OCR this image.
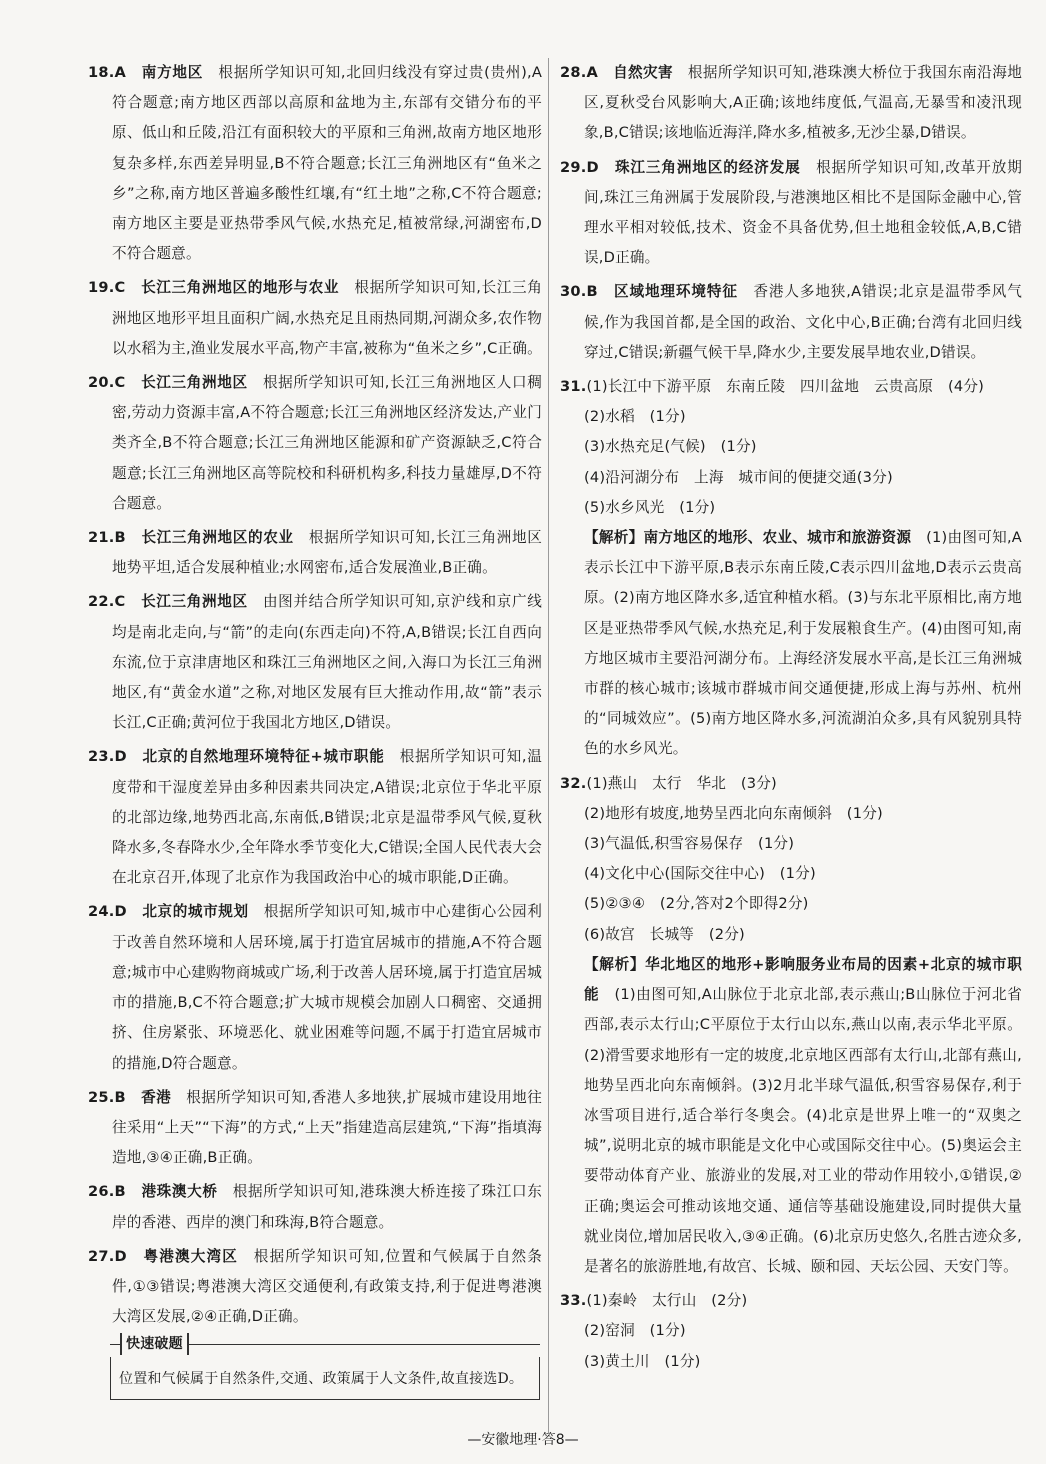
18.A　 南方地区　 根据所学知识可知,北回归线没有穿过贵(贵州),A符合题意;南方地区西部以高原和盆地为主,东部有交错分布的平原、低山和丘陵,沿江有面积较大的平原和三角洲,故南方地区地形复杂多样,东西差异明显,B不符合题意;长江三角洲地区有“鱼米之乡”之称,南方地区普遍多酸性红壤,有“红土地”之称,C不符合题意;南方地区主要是亚热带季风气候,水热充足,植被常绿,河湖密布,D不符合题意。
19.C　 长江三角洲地区的地形与农业　 根据所学知识可知,长江三角洲地区地形平坦且面积广阔,水热充足且雨热同期,河湖众多,农作物以水稻为主,渔业发展水平高,物产丰富,被称为“鱼米之乡”,C正确。
20.C　 长江三角洲地区　 根据所学知识可知,长江三角洲地区人口稠密,劳动力资源丰富,A不符合题意;长江三角洲地区经济发达,产业门类齐全,B不符合题意;长江三角洲地区能源和矿产资源缺乏,C符合题意;长江三角洲地区高等院校和科研机构多,科技力量雄厚,D不符合题意。
21.B　 长江三角洲地区的农业　 根据所学知识可知,长江三角洲地区地势平坦,适合发展种植业;水网密布,适合发展渔业,B正确。
22.C　 长江三角洲地区　 由图并结合所学知识可知,京沪线和京广线均是南北走向,与“箭”的走向(东西走向)不符,A,B错误;长江自西向东流,位于京津唐地区和珠江三角洲地区之间,入海口为长江三角洲地区,有“黄金水道”之称,对地区发展有巨大推动作用,故“箭”表示长江,C正确;黄河位于我国北方地区,D错误。
23.D　 北京的自然地理环境特征+城市职能　 根据所学知识可知,温度带和干湿度差异由多种因素共同决定,A错误;北京位于华北平原的北部边缘,地势西北高,东南低,B错误;北京是温带季风气候,夏秋降水多,冬春降水少,全年降水季节变化大,C错误;全国人民代表大会在北京召开,体现了北京作为我国政治中心的城市职能,D正确。
24.D　 北京的城市规划　 根据所学知识可知,城市中心建街心公园利于改善自然环境和人居环境,属于打造宜居城市的措施,A不符合题意;城市中心建购物商城或广场,利于改善人居环境,属于打造宜居城市的措施,B,C不符合题意;扩大城市规模会加剧人口稠密、交通拥挤、住房紧张、环境恶化、就业困难等问题,不属于打造宜居城市的措施,D符合题意。
25.B　 香港　 根据所学知识可知,香港人多地狭,扩展城市建设用地往往采用“上天”“下海”的方式,“上天”指建造高层建筑,“下海”指填海造地,③④正确,B正确。
26.B　 港珠澳大桥　 根据所学知识可知,港珠澳大桥连接了珠江口东岸的香港、西岸的澳门和珠海,B符合题意。
27.D　 粤港澳大湾区　 根据所学知识可知,位置和气候属于自然条件,①③错误;粤港澳大湾区交通便利,有政策支持,利于促进粤港澳大湾区发展,②④正确,D正确。
快速破题
位置和气候属于自然条件,交通、政策属于人文条件,故直接选D。
28.A　 自然灾害　 根据所学知识可知,港珠澳大桥位于我国东南沿海地区,夏秋受台风影响大,A正确;该地纬度低,气温高,无暴雪和凌汛现象,B,C错误;该地临近海洋,降水多,植被多,无沙尘暴,D错误。
29.D　 珠江三角洲地区的经济发展　 根据所学知识可知,改革开放期间,珠江三角洲属于发展阶段,与港澳地区相比不是国际金融中心,管理水平相对较低,技术、资金不具备优势,但土地租金较低,A,B,C错误,D正确。
30.B　 区域地理环境特征　 香港人多地狭,A错误;北京是温带季风气候,作为我国首都,是全国的政治、文化中心,B正确;台湾有北回归线穿过,C错误;新疆气候干旱,降水少,主要发展旱地农业,D错误。
31.(1)长江中下游平原　东南丘陵　四川盆地　云贵高原　(4分)
(2)水稻　(1分)
(3)水热充足(气候)　(1分)
(4)沿河湖分布　上海　城市间的便捷交通(3分)
(5)水乡风光　(1分)
【解析】南方地区的地形、农业、城市和旅游资源　 (1)由图可知,A表示长江中下游平原,B表示东南丘陵,C表示四川盆地,D表示云贵高原。(2)南方地区降水多,适宜种植水稻。(3)与东北平原相比,南方地区是亚热带季风气候,水热充足,利于发展粮食生产。(4)由图可知,南方地区城市主要沿河湖分布。上海经济发展水平高,是长江三角洲城市群的核心城市;该城市群城市间交通便捷,形成上海与苏州、杭州的“同城效应”。(5)南方地区降水多,河流湖泊众多,具有风貌别具特色的水乡风光。
32.(1)燕山　太行　华北　(3分)
(2)地形有坡度,地势呈西北向东南倾斜　(1分)
(3)气温低,积雪容易保存　(1分)
(4)文化中心(国际交往中心)　(1分)
(5)②③④　(2分,答对2个即得2分)
(6)故宫　长城等　(2分)
【解析】华北地区的地形+影响服务业布局的因素+北京的城市职能　 (1)由图可知,A山脉位于北京北部,表示燕山;B山脉位于河北省西部,表示太行山;C平原位于太行山以东,燕山以南,表示华北平原。(2)滑雪要求地形有一定的坡度,北京地区西部有太行山,北部有燕山,地势呈西北向东南倾斜。(3)2月北半球气温低,积雪容易保存,利于冰雪项目进行,适合举行冬奥会。(4)北京是世界上唯一的“双奥之城”,说明北京的城市职能是文化中心或国际交往中心。(5)奥运会主要带动体育产业、旅游业的发展,对工业的带动作用较小,①错误,②正确;奥运会可推动该地交通、通信等基础设施建设,同时提供大量就业岗位,增加居民收入,③④正确。(6)北京历史悠久,名胜古迹众多,是著名的旅游胜地,有故宫、长城、颐和园、天坛公园、天安门等。
33.(1)秦岭　太行山　(2分)
(2)窑洞　(1分)
(3)黄土川　(1分)
—安徽地理·答8—
